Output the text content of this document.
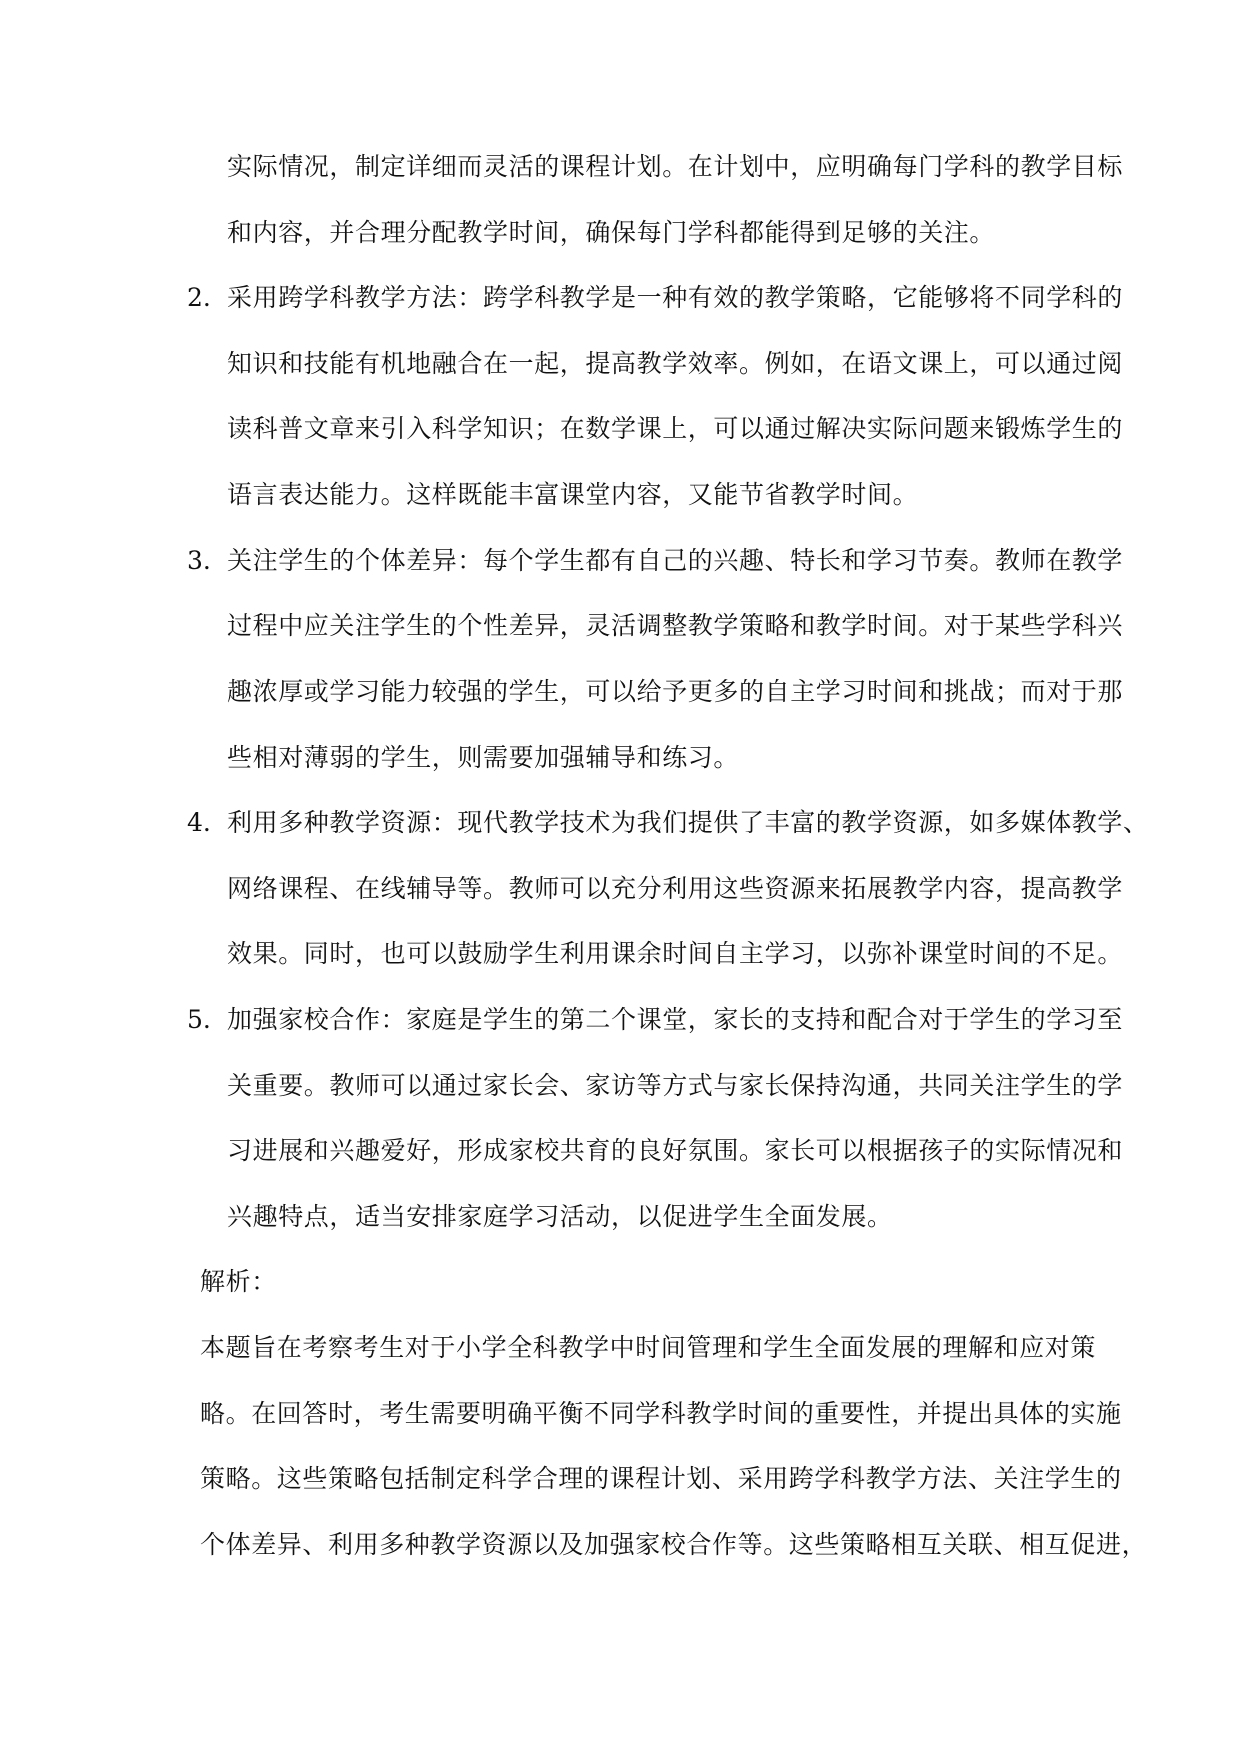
实际情况，制定详细而灵活的课程计划。在计划中，应明确每门学科的教学目标
和内容，并合理分配教学时间，确保每门学科都能得到足够的关注。
2. 采用跨学科教学方法：跨学科教学是一种有效的教学策略，它能够将不同学科的
知识和技能有机地融合在一起，提高教学效率。例如，在语文课上，可以通过阅
读科普文章来引入科学知识；在数学课上，可以通过解决实际问题来锻炼学生的
语言表达能力。这样既能丰富课堂内容，又能节省教学时间。
3. 关注学生的个体差异：每个学生都有自己的兴趣、特长和学习节奏。教师在教学
过程中应关注学生的个性差异，灵活调整教学策略和教学时间。对于某些学科兴
趣浓厚或学习能力较强的学生，可以给予更多的自主学习时间和挑战；而对于那
些相对薄弱的学生，则需要加强辅导和练习。
4. 利用多种教学资源：现代教学技术为我们提供了丰富的教学资源，如多媒体教学、
网络课程、在线辅导等。教师可以充分利用这些资源来拓展教学内容，提高教学
效果。同时，也可以鼓励学生利用课余时间自主学习，以弥补课堂时间的不足。
5. 加强家校合作：家庭是学生的第二个课堂，家长的支持和配合对于学生的学习至
关重要。教师可以通过家长会、家访等方式与家长保持沟通，共同关注学生的学
习进展和兴趣爱好，形成家校共育的良好氛围。家长可以根据孩子的实际情况和
兴趣特点，适当安排家庭学习活动，以促进学生全面发展。
解析：
本题旨在考察考生对于小学全科教学中时间管理和学生全面发展的理解和应对策
略。在回答时，考生需要明确平衡不同学科教学时间的重要性，并提出具体的实施
策略。这些策略包括制定科学合理的课程计划、采用跨学科教学方法、关注学生的
个体差异、利用多种教学资源以及加强家校合作等。这些策略相互关联、相互促进，
